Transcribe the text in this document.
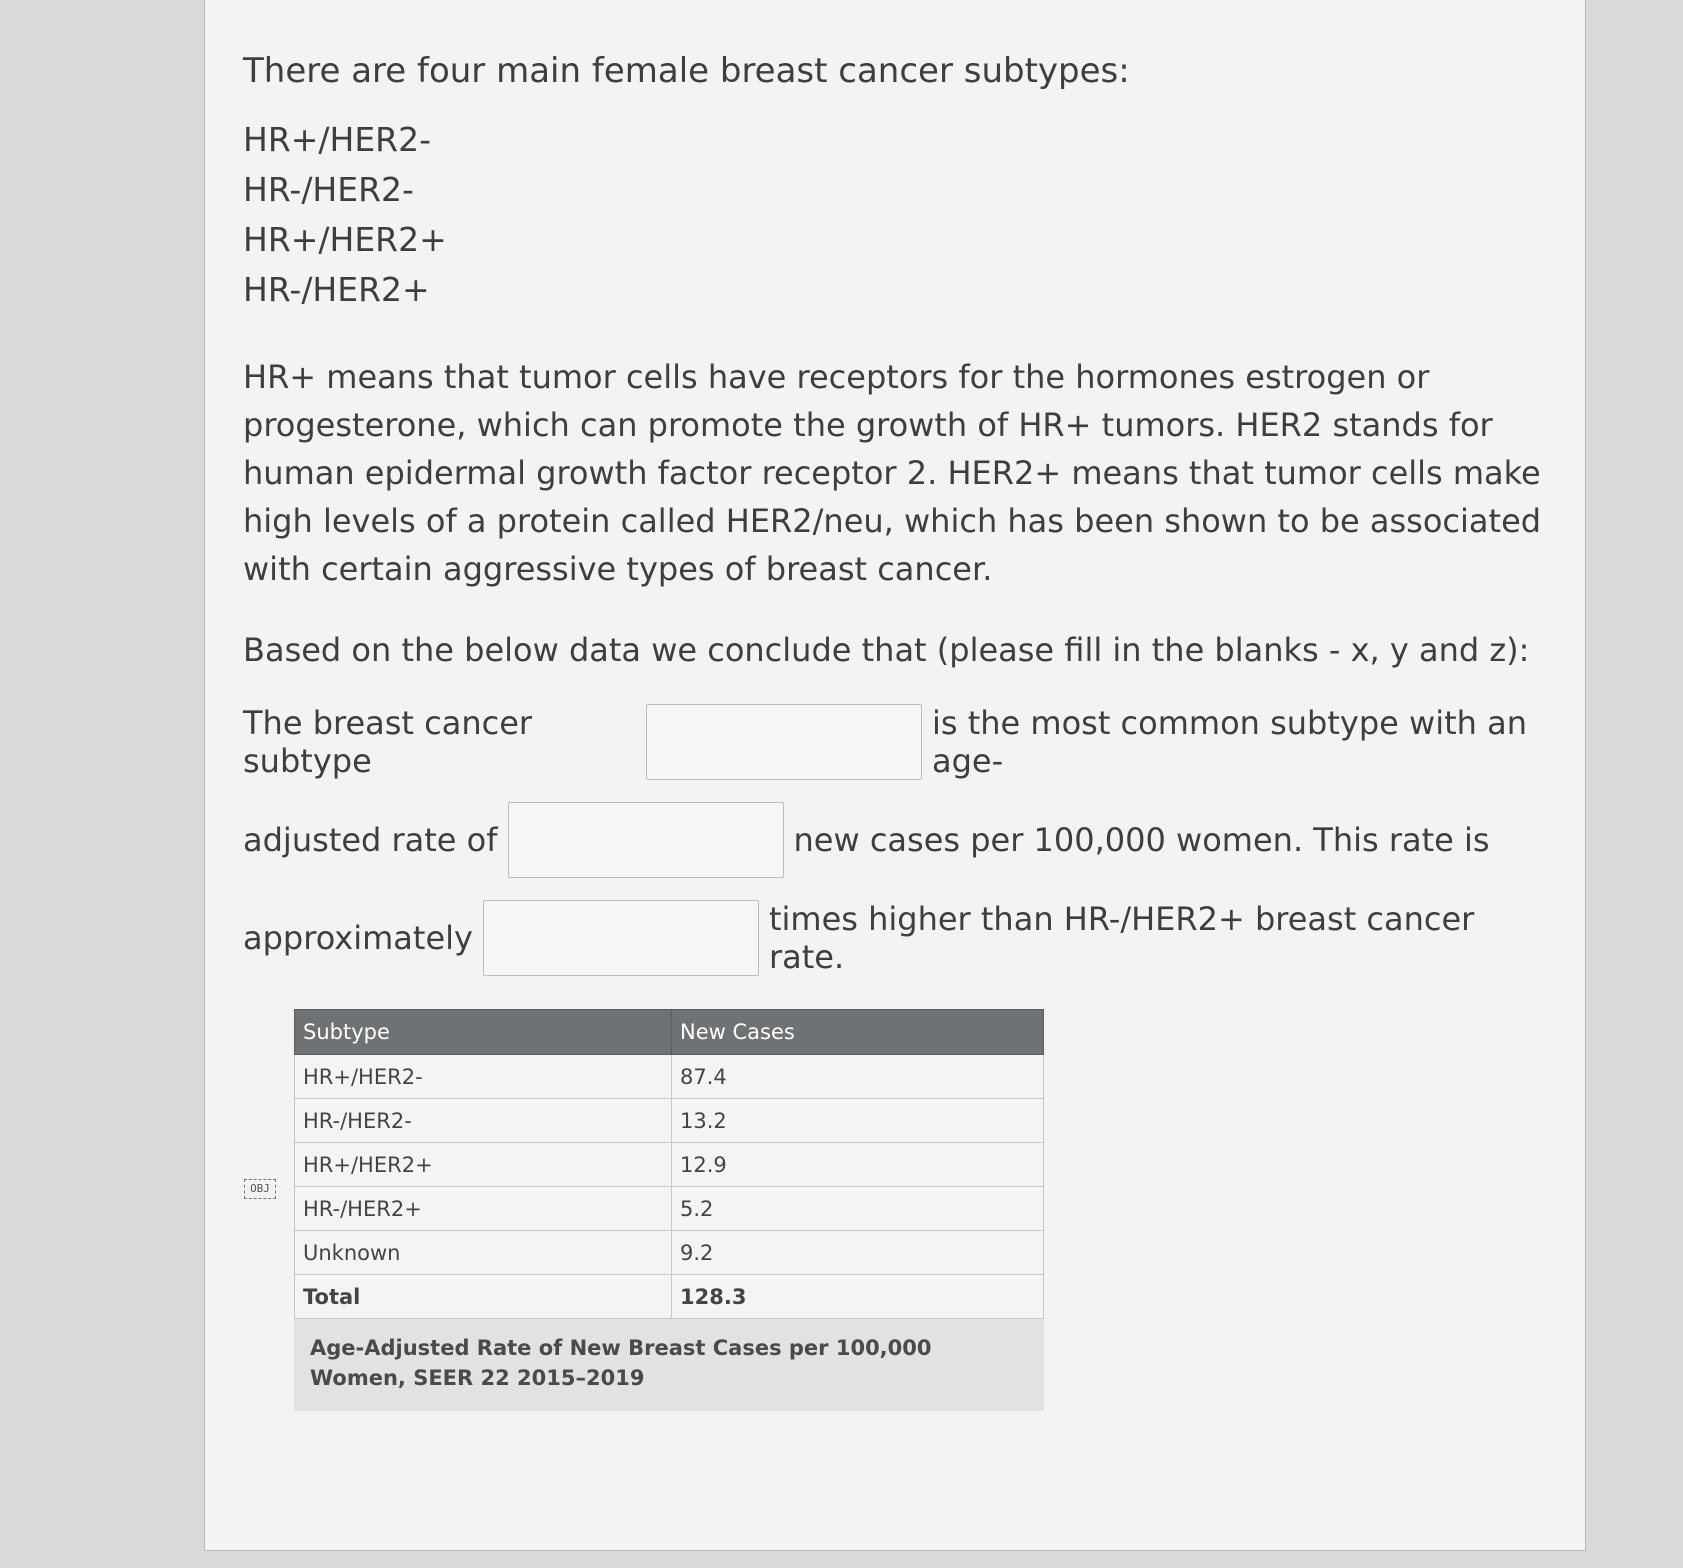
There are four main female breast cancer subtypes:

HR+/HER2-
HR-/HER2-
HR+/HER2+
HR-/HER2+

HR+ means that tumor cells have receptors for the hormones estrogen or progesterone, which can promote the growth of HR+ tumors. HER2 stands for human epidermal growth factor receptor 2. HER2+ means that tumor cells make high levels of a protein called HER2/neu, which has been shown to be associated with certain aggressive types of breast cancer.

Based on the below data we conclude that (please fill in the blanks - x, y and z):

The breast cancer subtype
is the most common subtype with an age-
adjusted rate of	new cases per 100,000 women. This rate is
approximately	times higher than HR-/HER2+ breast cancer rate.
OBJ
Subtype	New Cases
HR+/HER2-	87.4
HR-/HER2-	13.2
HR+/HER2+	12.9
HR-/HER2+	5.2
Unknown	9.2
Total	128.3
Age-Adjusted Rate of New Breast Cases per 100,000 Women, SEER 22 2015–2019
